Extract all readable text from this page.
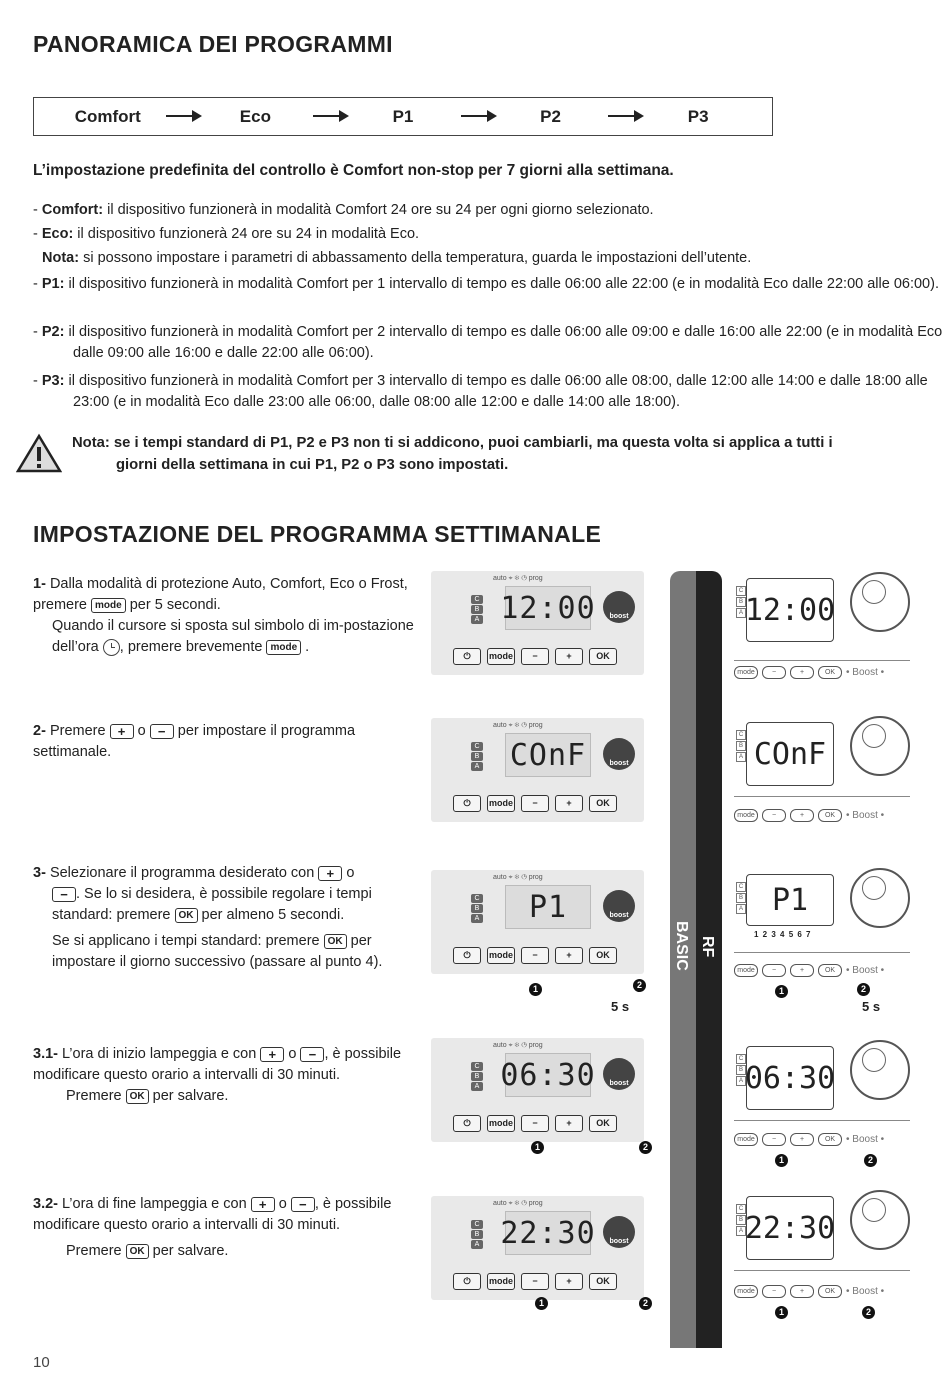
PANORAMICA DEI PROGRAMMI
Comfort	Eco	P1	P2	P3
L’impostazione predefinita del controllo è Comfort non-stop per 7 giorni alla settimana.
- Comfort: il dispositivo funzionerà in modalità Comfort 24 ore su 24 per ogni giorno selezionato.
- Eco: il dispositivo funzionerà 24 ore su 24 in modalità Eco.
Nota: si possono impostare i parametri di abbassamento della temperatura, guarda le impostazioni dell’utente.
- P1: il dispositivo funzionerà in modalità Comfort per 1 intervallo di tempo es dalle 06:00 alle 22:00 (e in modalità Eco dalle 22:00 alle 06:00).
- P2: il dispositivo funzionerà in modalità Comfort per 2 intervallo di tempo es dalle 06:00 alle 09:00 e dalle 16:00 alle 22:00 (e in modalità Eco dalle 09:00 alle 16:00 e dalle 22:00 alle 06:00).
- P3: il dispositivo funzionerà in modalità Comfort per 3 intervallo di tempo es dalle 06:00 alle 08:00, dalle 12:00 alle 14:00 e dalle 18:00 alle 23:00 (e in modalità Eco dalle 23:00 alle 06:00, dalle 08:00 alle 12:00 e dalle 14:00 alle 18:00).
Nota: se i tempi standard di P1, P2 e P3 non ti si addicono, puoi cambiarli, ma questa volta si applica a tutti i
giorni della settimana in cui P1, P2 o P3 sono impostati.
IMPOSTAZIONE DEL PROGRAMMA SETTIMANALE
1- Dalla modalità di protezione Auto, Comfort, Eco o Frost, premere mode per 5 secondi.

Quando il cursore si sposta sul simbolo di im-postazione dell’ora , premere brevemente mode .
2- Premere + o − per impostare il programma settimanale.
3- Selezionare il programma desiderato con + o
− . Se lo si desidera, è possibile regolare i tempi standard: premere OK per almeno 5 secondi.
Se si applicano i tempi standard: premere OK per impostare il giorno successivo (passare al punto 4).
3.1- L’ora di inizio lampeggia e con + o − , è possibile modificare questo orario a intervalli di 30 minuti.
Premere OK per salvare.
3.2- L’ora di fine lampeggia e con + o − , è possibile modificare questo orario a intervalli di 30 minuti.
Premere OK per salvare.
auto ⌖ ❄ ◷ prog
C
B
A 12:00	boost
⏻	mode	−	+	OK
auto ⌖ ❄ ◷ prog
C
B
A COnF	boost
⏻	mode	−	+	OK
auto ⌖ ❄ ◷ prog
C
B
A	P1	boost
⏻	mode	−	+	OK
1	2
5 s
auto ⌖ ❄ ◷ prog
C
B
A 06:30	boost
⏻	mode	−	+	OK
1	2
auto ⌖ ❄ ◷ prog
C
B
A 22:30	boost
⏻	mode	−	+	OK
1	2
BASIC RF
C
B
A 12:00
mode	−	+	OK	• Boost •
C
B
A COnF
mode	−	+	OK	• Boost •
C
B
A P1
1 2 3 4 5 6 7
mode	−	+	OK	• Boost •
1	2
5 s
C
B
A 06:30
mode	−	+	OK	• Boost •
1	2
C
B
A 22:30
mode	−	+	OK	• Boost •
1	2
10
